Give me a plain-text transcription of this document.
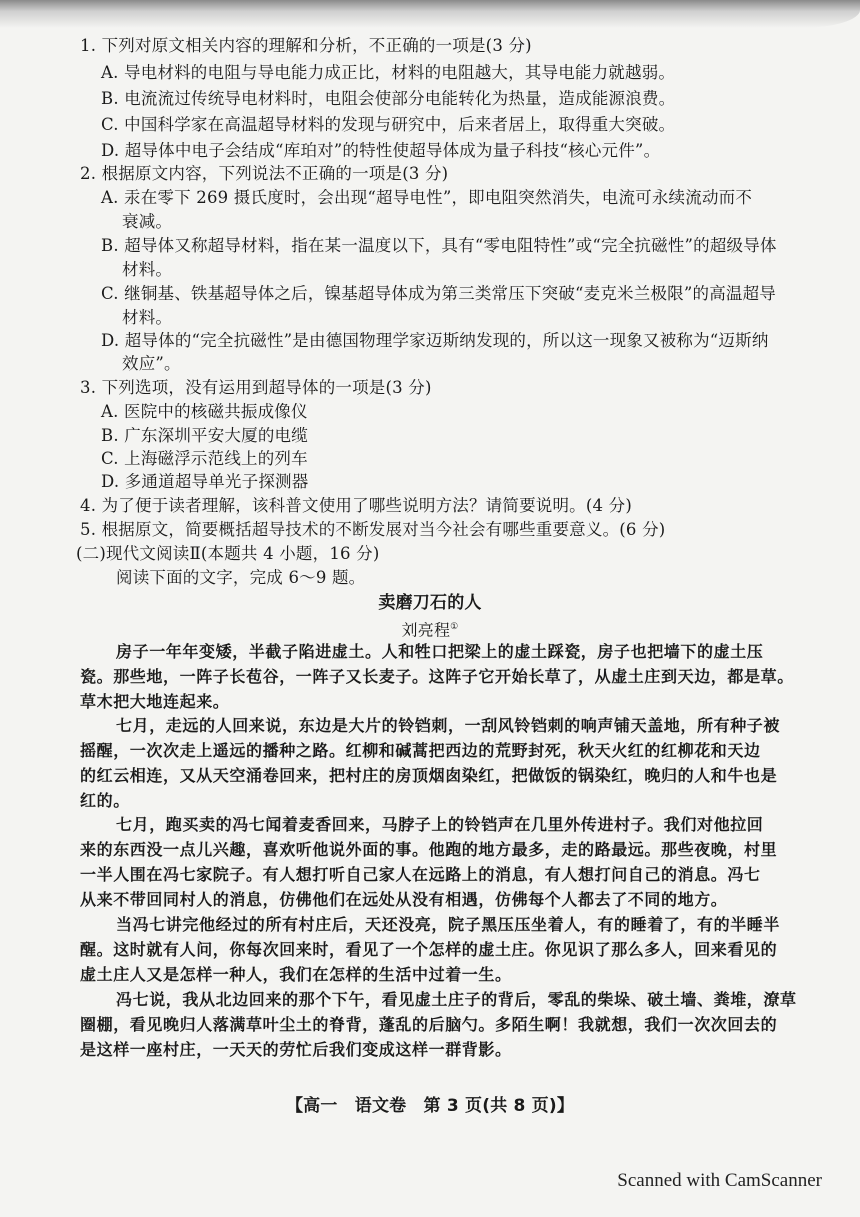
1. 下列对原文相关内容的理解和分析，不正确的一项是(3 分)
A. 导电材料的电阻与导电能力成正比，材料的电阻越大，其导电能力就越弱。
B. 电流流过传统导电材料时，电阻会使部分电能转化为热量，造成能源浪费。
C. 中国科学家在高温超导材料的发现与研究中，后来者居上，取得重大突破。
D. 超导体中电子会结成“库珀对”的特性使超导体成为量子科技“核心元件”。
2. 根据原文内容，下列说法不正确的一项是(3 分)
A. 汞在零下 269 摄氏度时，会出现“超导电性”，即电阻突然消失，电流可永续流动而不
衰减。
B. 超导体又称超导材料，指在某一温度以下，具有“零电阻特性”或“完全抗磁性”的超级导体
材料。
C. 继铜基、铁基超导体之后，镍基超导体成为第三类常压下突破“麦克米兰极限”的高温超导
材料。
D. 超导体的“完全抗磁性”是由德国物理学家迈斯纳发现的，所以这一现象又被称为“迈斯纳
效应”。
3. 下列选项，没有运用到超导体的一项是(3 分)
A. 医院中的核磁共振成像仪
B. 广东深圳平安大厦的电缆
C. 上海磁浮示范线上的列车
D. 多通道超导单光子探测器
4. 为了便于读者理解，该科普文使用了哪些说明方法？请简要说明。(4 分)
5. 根据原文，简要概括超导技术的不断发展对当今社会有哪些重要意义。(6 分)
(二)现代文阅读Ⅱ(本题共 4 小题，16 分)
阅读下面的文字，完成 6～9 题。
卖磨刀石的人
刘亮程①
房子一年年变矮，半截子陷进虚土。人和牲口把梁上的虚土踩瓷，房子也把墙下的虚土压
瓷。那些地，一阵子长苞谷，一阵子又长麦子。这阵子它开始长草了，从虚土庄到天边，都是草。
草木把大地连起来。
七月，走远的人回来说，东边是大片的铃铛刺，一刮风铃铛刺的响声铺天盖地，所有种子被
摇醒，一次次走上遥远的播种之路。红柳和碱蒿把西边的荒野封死，秋天火红的红柳花和天边
的红云相连，又从天空涌卷回来，把村庄的房顶烟囱染红，把做饭的锅染红，晚归的人和牛也是
红的。
七月，跑买卖的冯七闻着麦香回来，马脖子上的铃铛声在几里外传进村子。我们对他拉回
来的东西没一点儿兴趣，喜欢听他说外面的事。他跑的地方最多，走的路最远。那些夜晚，村里
一半人围在冯七家院子。有人想打听自己家人在远路上的消息，有人想打问自己的消息。冯七
从来不带回同村人的消息，仿佛他们在远处从没有相遇，仿佛每个人都去了不同的地方。
当冯七讲完他经过的所有村庄后，天还没亮，院子黑压压坐着人，有的睡着了，有的半睡半
醒。这时就有人问，你每次回来时，看见了一个怎样的虚土庄。你见识了那么多人，回来看见的
虚土庄人又是怎样一种人，我们在怎样的生活中过着一生。
冯七说，我从北边回来的那个下午，看见虚土庄子的背后，零乱的柴垛、破土墙、粪堆，潦草
圈棚，看见晚归人落满草叶尘土的脊背，蓬乱的后脑勺。多陌生啊！我就想，我们一次次回去的
是这样一座村庄，一天天的劳忙后我们变成这样一群背影。
【高一　语文卷　第 3 页(共 8 页)】
Scanned with CamScanner
